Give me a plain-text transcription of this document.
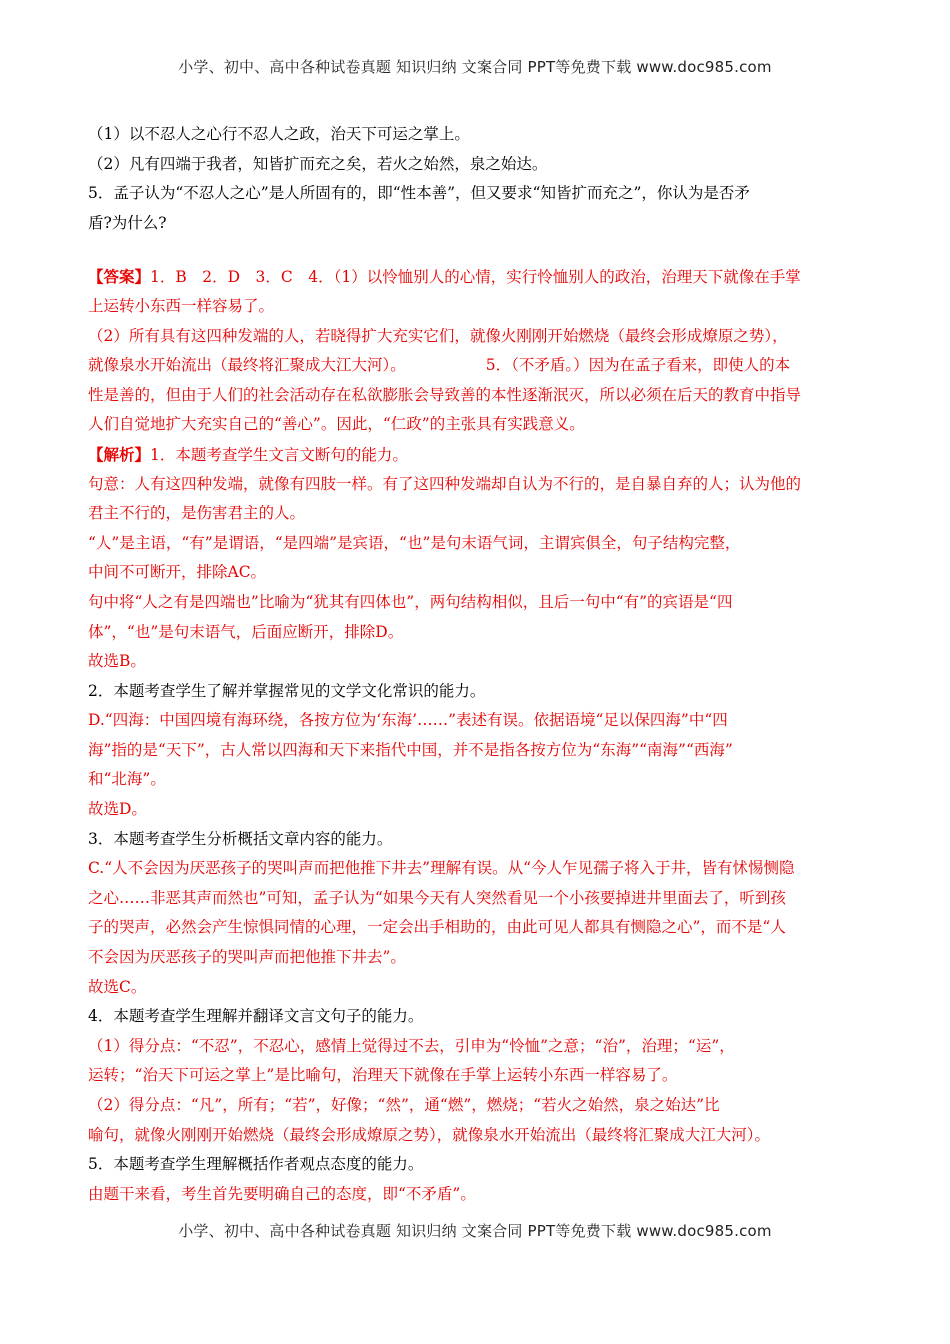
小学、初中、高中各种试卷真题 知识归纳 文案合同 PPT等免费下载 www.doc985.com
（1）以不忍人之心行不忍人之政，治天下可运之掌上。
（2）凡有四端于我者，知皆扩而充之矣，若火之始然，泉之始达。
5．孟子认为“不忍人之心”是人所固有的，即“性本善”，但又要求“知皆扩而充之”，你认为是否矛
盾?为什么?
【答案】1．B　2．D　3．C　4．（1）以怜恤别人的心情，实行怜恤别人的政治，治理天下就像在手掌
上运转小东西一样容易了。
（2）所有具有这四种发端的人，若晓得扩大充实它们，就像火刚刚开始燃烧（最终会形成燎原之势），
就像泉水开始流出（最终将汇聚成大江大河）。	5．（不矛盾。）因为在孟子看来，即使人的本
性是善的，但由于人们的社会活动存在私欲膨胀会导致善的本性逐渐泯灭，所以必须在后天的教育中指导
人们自觉地扩大充实自己的“善心”。因此，“仁政”的主张具有实践意义。
【解析】1．本题考查学生文言文断句的能力。
句意：人有这四种发端，就像有四肢一样。有了这四种发端却自认为不行的，是自暴自弃的人；认为他的
君主不行的，是伤害君主的人。
“人”是主语，“有”是谓语，“是四端”是宾语，“也”是句末语气词，主谓宾俱全，句子结构完整，
中间不可断开，排除AC。
句中将“人之有是四端也”比喻为“犹其有四体也”，两句结构相似，且后一句中“有”的宾语是“四
体”，“也”是句末语气，后面应断开，排除D。
故选B。
2．本题考查学生了解并掌握常见的文学文化常识的能力。
D.“四海：中国四境有海环绕，各按方位为‘东海’……”表述有误。依据语境“足以保四海”中“四
海”指的是“天下”，古人常以四海和天下来指代中国，并不是指各按方位为“东海”“南海”“西海”
和“北海”。
故选D。
3．本题考查学生分析概括文章内容的能力。
C.“人不会因为厌恶孩子的哭叫声而把他推下井去”理解有误。从“今人乍见孺子将入于井，皆有怵惕恻隐
之心……非恶其声而然也”可知，孟子认为“如果今天有人突然看见一个小孩要掉进井里面去了，听到孩
子的哭声，必然会产生惊惧同情的心理，一定会出手相助的，由此可见人都具有恻隐之心”，而不是“人
不会因为厌恶孩子的哭叫声而把他推下井去”。
故选C。
4．本题考查学生理解并翻译文言文句子的能力。
（1）得分点：“不忍”，不忍心，感情上觉得过不去，引申为“怜恤”之意；“治”，治理；“运”，
运转；“治天下可运之掌上”是比喻句，治理天下就像在手掌上运转小东西一样容易了。
（2）得分点：“凡”，所有；“若”，好像；“然”，通“燃”，燃烧；“若火之始然，泉之始达”比
喻句，就像火刚刚开始燃烧（最终会形成燎原之势），就像泉水开始流出（最终将汇聚成大江大河）。
5．本题考查学生理解概括作者观点态度的能力。
由题干来看，考生首先要明确自己的态度，即“不矛盾”。
小学、初中、高中各种试卷真题 知识归纳 文案合同 PPT等免费下载 www.doc985.com
